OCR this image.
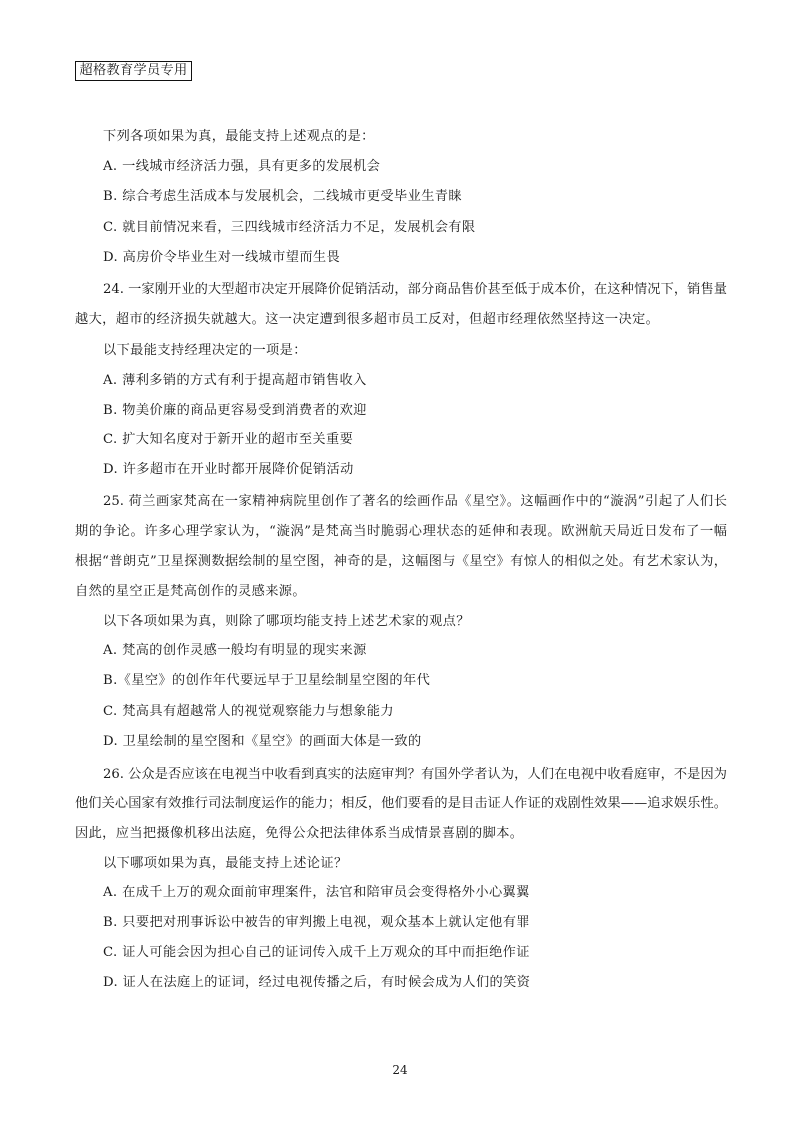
超格教育学员专用
下列各项如果为真，最能支持上述观点的是：
A. 一线城市经济活力强，具有更多的发展机会
B. 综合考虑生活成本与发展机会，二线城市更受毕业生青睐
C. 就目前情况来看，三四线城市经济活力不足，发展机会有限
D. 高房价令毕业生对一线城市望而生畏
24. 一家刚开业的大型超市决定开展降价促销活动，部分商品售价甚至低于成本价，在这种情况下，销售量
越大，超市的经济损失就越大。这一决定遭到很多超市员工反对，但超市经理依然坚持这一决定。
以下最能支持经理决定的一项是：
A. 薄利多销的方式有利于提高超市销售收入
B. 物美价廉的商品更容易受到消费者的欢迎
C. 扩大知名度对于新开业的超市至关重要
D. 许多超市在开业时都开展降价促销活动
25. 荷兰画家梵高在一家精神病院里创作了著名的绘画作品《星空》。这幅画作中的“漩涡”引起了人们长
期的争论。许多心理学家认为，“漩涡”是梵高当时脆弱心理状态的延伸和表现。欧洲航天局近日发布了一幅
根据“普朗克”卫星探测数据绘制的星空图，神奇的是，这幅图与《星空》有惊人的相似之处。有艺术家认为，
自然的星空正是梵高创作的灵感来源。
以下各项如果为真，则除了哪项均能支持上述艺术家的观点？
A. 梵高的创作灵感一般均有明显的现实来源
B.《星空》的创作年代要远早于卫星绘制星空图的年代
C. 梵高具有超越常人的视觉观察能力与想象能力
D. 卫星绘制的星空图和《星空》的画面大体是一致的
26. 公众是否应该在电视当中收看到真实的法庭审判？有国外学者认为，人们在电视中收看庭审，不是因为
他们关心国家有效推行司法制度运作的能力；相反，他们要看的是目击证人作证的戏剧性效果——追求娱乐性。
因此，应当把摄像机移出法庭，免得公众把法律体系当成情景喜剧的脚本。
以下哪项如果为真，最能支持上述论证？
A. 在成千上万的观众面前审理案件，法官和陪审员会变得格外小心翼翼
B. 只要把对刑事诉讼中被告的审判搬上电视，观众基本上就认定他有罪
C. 证人可能会因为担心自己的证词传入成千上万观众的耳中而拒绝作证
D. 证人在法庭上的证词，经过电视传播之后，有时候会成为人们的笑资
24
